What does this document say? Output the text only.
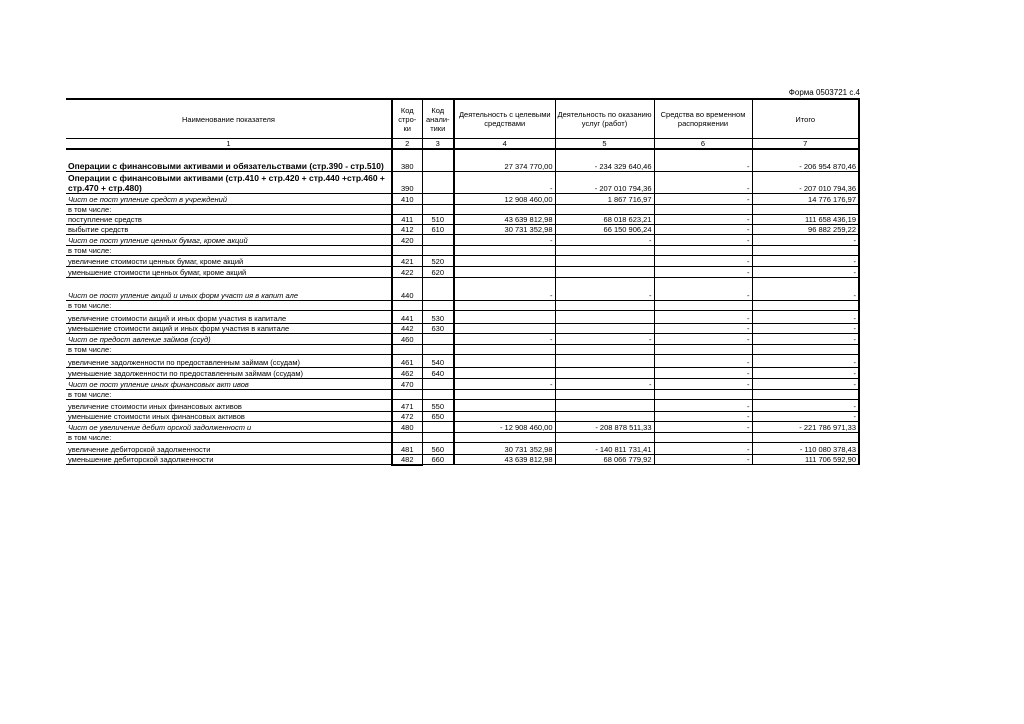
Форма 0503721 с.4
Наименование показателя	Код стро- ки	Код анали- тики	Деятельность с целевыми средствами	Деятельность по оказанию услуг (работ)	Средства во временном распоряжении	Итого
1	2	3	4	5	6	7
Операции с финансовыми активами и обязательствами (стр.390 - стр.510)	380		27 374 770,00	- 234 329 640,46	-	- 206 954 870,46
Операции с финансовыми активами (стр.410 + стр.420 + стр.440 +стр.460 + стр.470 + стр.480)	390		-	- 207 010 794,36	-	- 207 010 794,36
Чист ое пост упление средст в учреждений	410		12 908 460,00	1 867 716,97	-	14 776 176,97
в том числе:						
поступление средств	411	510	43 639 812,98	68 018 623,21	-	111 658 436,19
выбытие средств	412	610	30 731 352,98	66 150 906,24	-	96 882 259,22
Чист ое пост упление ценных бумаг, кроме акций	420		-	-	-	-
в том числе:						
увеличение стоимости ценных бумаг, кроме акций	421	520			-	-
уменьшение стоимости ценных бумаг, кроме акций	422	620			-	-
Чист ое пост упление акций и иных форм участ ия в капит але	440		-	-	-	-
в том числе:						
увеличение стоимости акций и иных форм участия в капитале	441	530			-	-
уменьшение стоимости акций и иных форм участия в капитале	442	630			-	-
Чист ое предост авление займов (ссуд)	460		-	-	-	-
в том числе:						
увеличение задолженности по предоставленным займам (ссудам)	461	540			-	-
уменьшение задолженности по предоставленным займам (ссудам)	462	640			-	-
Чист ое пост упление иных финансовых акт ивов	470		-	-	-	-
в том числе:						
увеличение стоимости иных финансовых активов	471	550			-	-
уменьшение стоимости иных финансовых активов	472	650			-	-
Чист ое увеличение дебит орской задолженност и	480		- 12 908 460,00	- 208 878 511,33	-	- 221 786 971,33
в том числе:						
увеличение дебиторской задолженности	481	560	30 731 352,98	- 140 811 731,41	-	- 110 080 378,43
уменьшение дебиторской задолженности	482	660	43 639 812,98	68 066 779,92	-	111 706 592,90
